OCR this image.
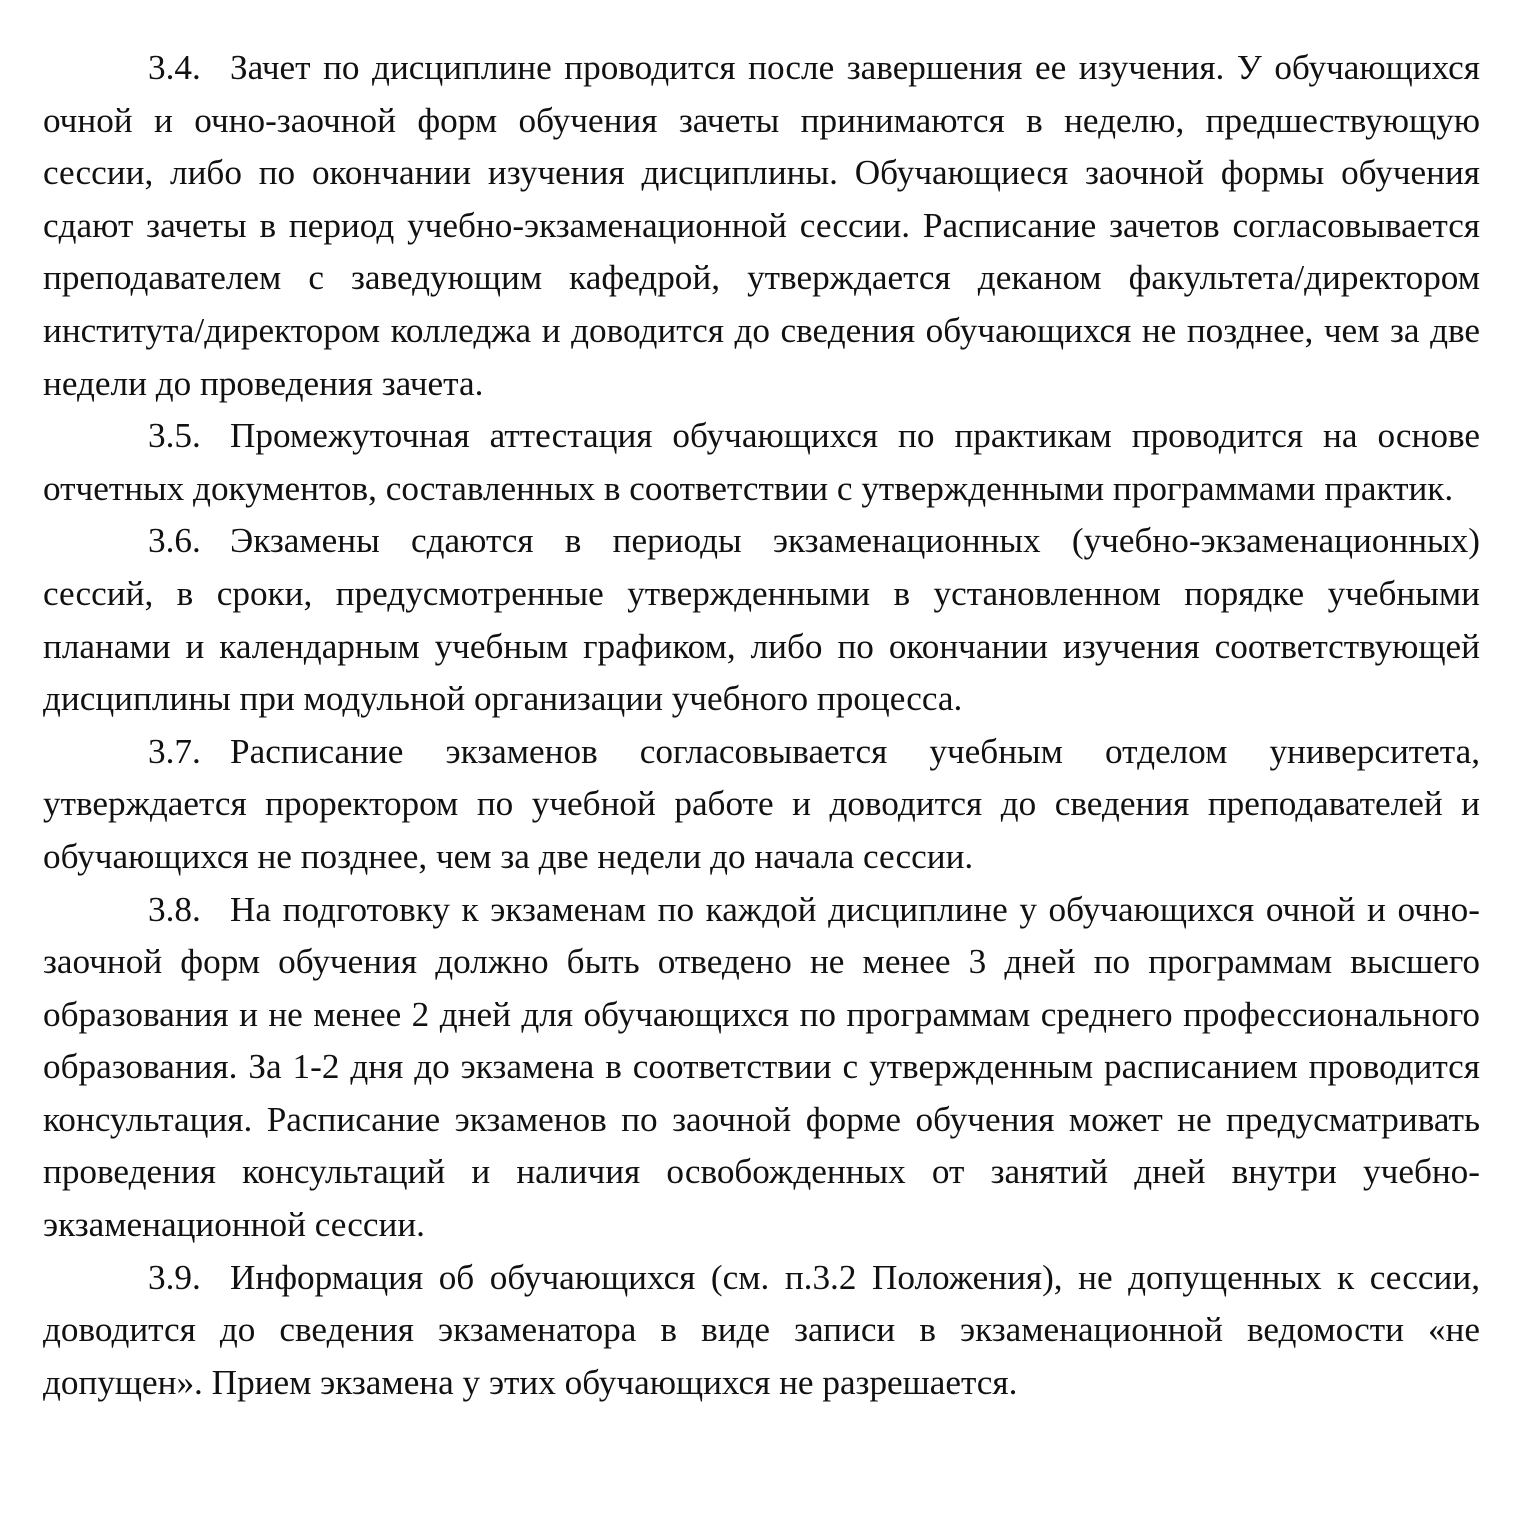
3.4. Зачет по дисциплине проводится после завершения ее изучения. У обучающихся очной и очно-заочной форм обучения зачеты принимаются в неделю, предшествующую сессии, либо по окончании изучения дисциплины. Обучающиеся заочной формы обучения сдают зачеты в период учебно-экзаменационной сессии. Расписание зачетов согласовывается преподавателем с заведующим кафедрой, утверждается деканом факультета/директором института/директором колледжа и доводится до сведения обучающихся не позднее, чем за две недели до проведения зачета.

3.5. Промежуточная аттестация обучающихся по практикам проводится на основе отчетных документов, составленных в соответствии с утвержденными программами практик.

3.6. Экзамены сдаются в периоды экзаменационных (учебно-экзаменационных) сессий, в сроки, предусмотренные утвержденными в установленном порядке учебными планами и календарным учебным графиком, либо по окончании изучения соответствующей дисциплины при модульной организации учебного процесса.

3.7. Расписание экзаменов согласовывается учебным отделом университета, утверждается проректором по учебной работе и доводится до сведения преподавателей и обучающихся не позднее, чем за две недели до начала сессии.

3.8. На подготовку к экзаменам по каждой дисциплине у обучающихся очной и очно-заочной форм обучения должно быть отведено не менее 3 дней по программам высшего образования и не менее 2 дней для обучающихся по программам среднего профессионального образования. За 1-2 дня до экзамена в соответствии с утвержденным расписанием проводится консультация. Расписание экзаменов по заочной форме обучения может не предусматривать проведения консультаций и наличия освобожденных от занятий дней внутри учебно-экзаменационной сессии.

3.9. Информация об обучающихся (см. п.3.2 Положения), не допущенных к сессии, доводится до сведения экзаменатора в виде записи в экзаменационной ведомости «не допущен». Прием экзамена у этих обучающихся не разрешается.
